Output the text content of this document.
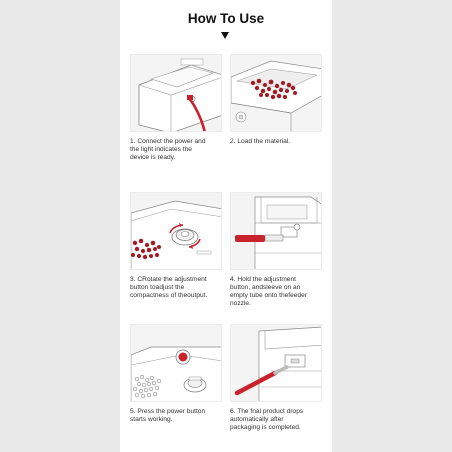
How To Use
1. Connect the power and
the light indicates the
device is ready.
2. Load the material.
3. CRotate the adjustment
button toadjust the
compactness of theoutput.
4. Hold the adjustment
button, andsleeve on an
empty tube onto thefeeder
nozzle.
5. Press the power button
starts working.
6. The fnal product drops
automatically after
packaging is completed.
